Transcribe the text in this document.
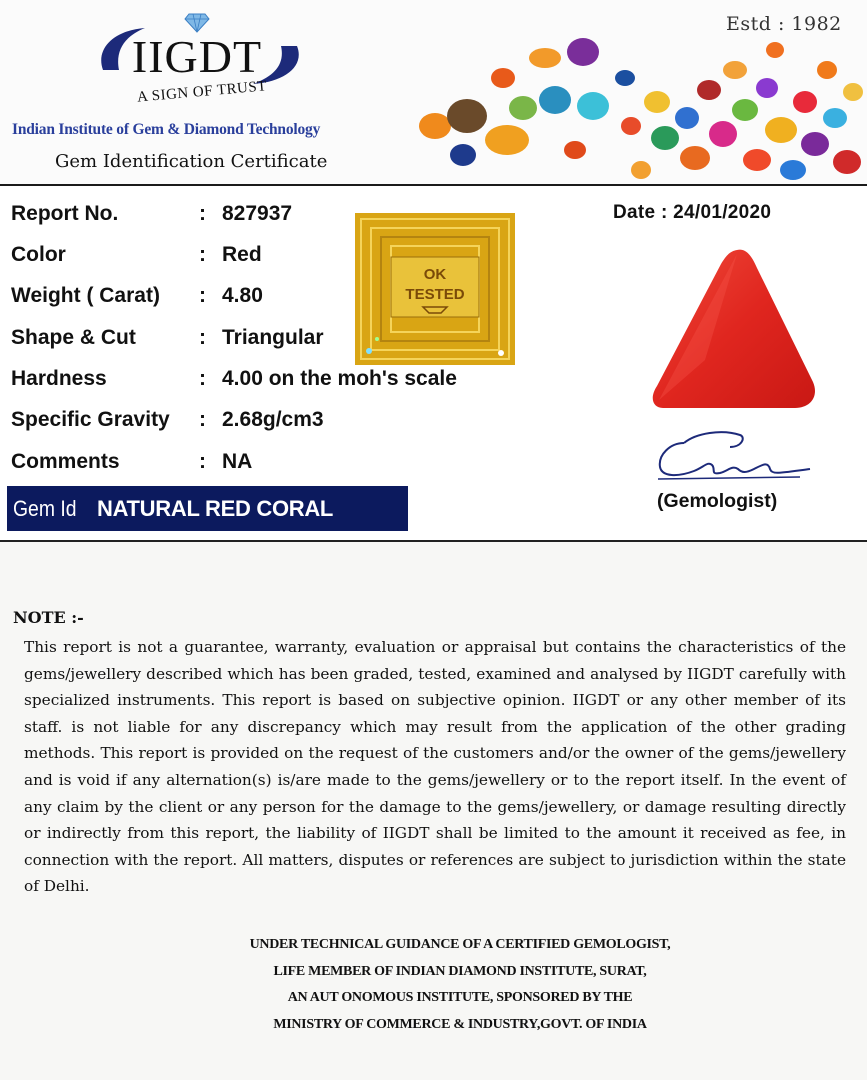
IIGDT
A SIGN OF TRUST
Indian Institute of Gem & Diamond Technology
Gem Identification Certificate
Estd : 1982
Report No.	: 827937
Color	: Red
Weight ( Carat) : 4.80
Shape & Cut	: Triangular
Hardness	: 4.00 on the moh's scale
Specific Gravity : 2.68g/cm3
Comments	: NA
OK
TESTED
Date : 24/01/2020
(Gemologist)
Gem Id NATURAL RED CORAL
NOTE :-
This report is not a guarantee, warranty, evaluation or appraisal but contains the characteristics of the gems/jewellery described which has been graded, tested, examined and analysed by IIGDT carefully with specialized instruments. This report is based on subjective opinion. IIGDT or any other member of its staff. is not liable for any discrepancy which may result from the application of the other grading methods. This report is provided on the request of the customers and/or the owner of the gems/jewellery and is void if any alternation(s) is/are made to the gems/jewellery or to the report itself. In the event of any claim by the client or any person for the damage to the gems/jewellery, or damage resulting directly or indirectly from this report, the liability of IIGDT shall be limited to the amount it received as fee, in connection with the report. All matters, disputes or references are subject to jurisdiction within the state of Delhi.
UNDER TECHNICAL GUIDANCE OF A CERTIFIED GEMOLOGIST,
LIFE MEMBER OF INDIAN DIAMOND INSTITUTE, SURAT,
AN AUT ONOMOUS INSTITUTE, SPONSORED BY THE
MINISTRY OF COMMERCE & INDUSTRY,GOVT. OF INDIA
